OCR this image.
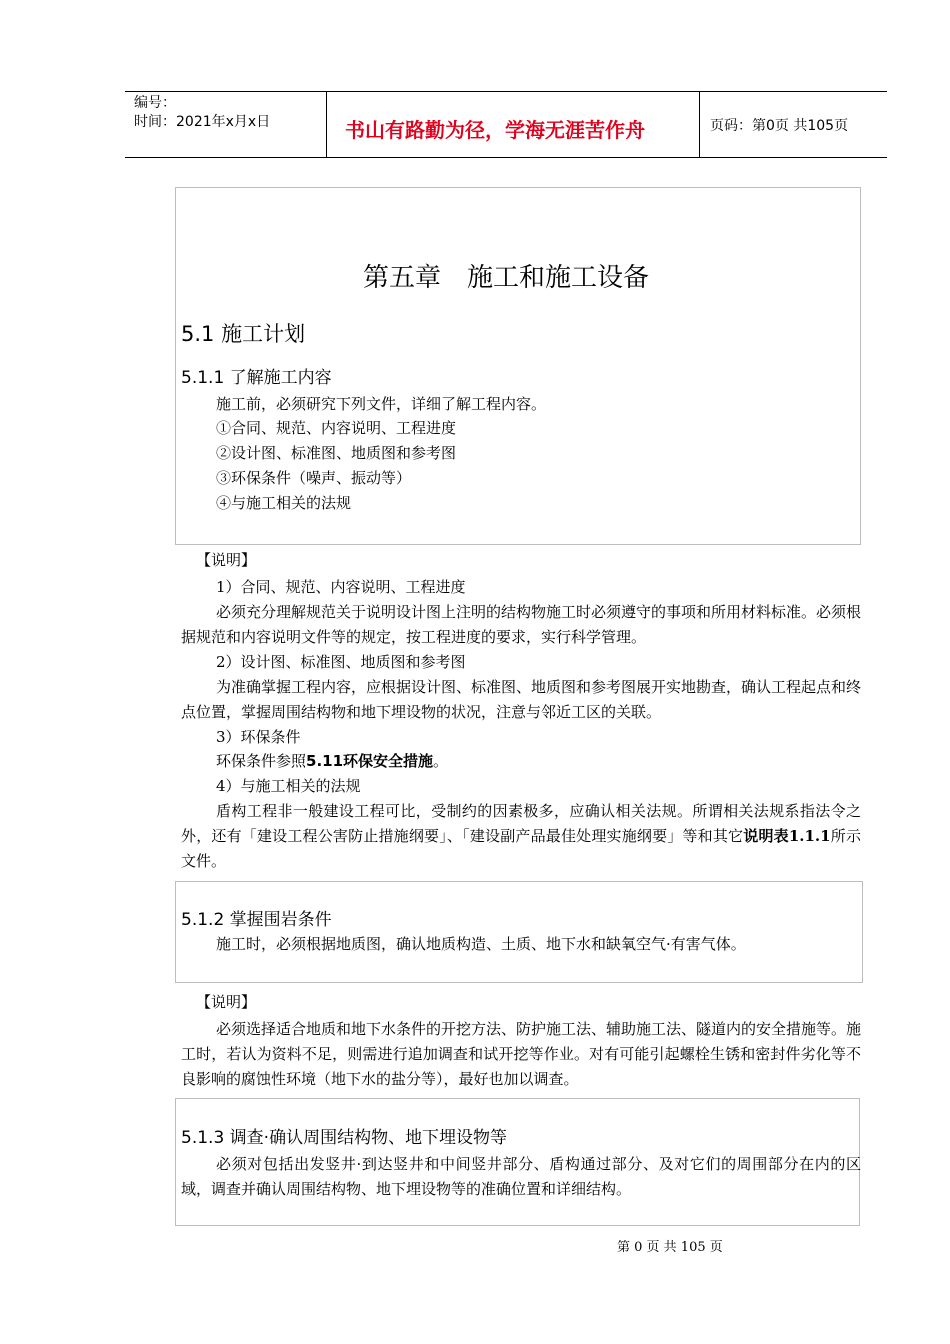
编号：
时间：2021年x月x日	书山有路勤为径，学海无涯苦作舟	页码：第0页 共105页
第五章　施工和施工设备
5.1 施工计划
5.1.1 了解施工内容
施工前，必须研究下列文件，详细了解工程内容。
①合同、规范、内容说明、工程进度
②设计图、标准图、地质图和参考图
③环保条件（噪声、振动等）
④与施工相关的法规
【说明】
1）合同、规范、内容说明、工程进度
必须充分理解规范关于说明设计图上注明的结构物施工时必须遵守的事项和所用材料标准。必须根据规范和内容说明文件等的规定，按工程进度的要求，实行科学管理。
2）设计图、标准图、地质图和参考图
为准确掌握工程内容，应根据设计图、标准图、地质图和参考图展开实地勘查，确认工程起点和终点位置，掌握周围结构物和地下埋设物的状况，注意与邻近工区的关联。
3）环保条件
环保条件参照5.11环保安全措施。
4）与施工相关的法规
盾构工程非一般建设工程可比，受制约的因素极多，应确认相关法规。所谓相关法规系指法令之外，还有「建设工程公害防止措施纲要」、「建设副产品最佳处理实施纲要」等和其它说明表1.1.1所示文件。
5.1.2 掌握围岩条件
施工时，必须根据地质图，确认地质构造、土质、地下水和缺氧空气·有害气体。
【说明】
必须选择适合地质和地下水条件的开挖方法、防护施工法、辅助施工法、隧道内的安全措施等。施工时，若认为资料不足，则需进行追加调查和试开挖等作业。对有可能引起螺栓生锈和密封件劣化等不良影响的腐蚀性环境（地下水的盐分等），最好也加以调查。
5.1.3 调查·确认周围结构物、地下埋设物等
必须对包括出发竖井·到达竖井和中间竖井部分、盾构通过部分、及对它们的周围部分在内的区域，调查并确认周围结构物、地下埋设物等的准确位置和详细结构。
第 0 页 共 105 页
